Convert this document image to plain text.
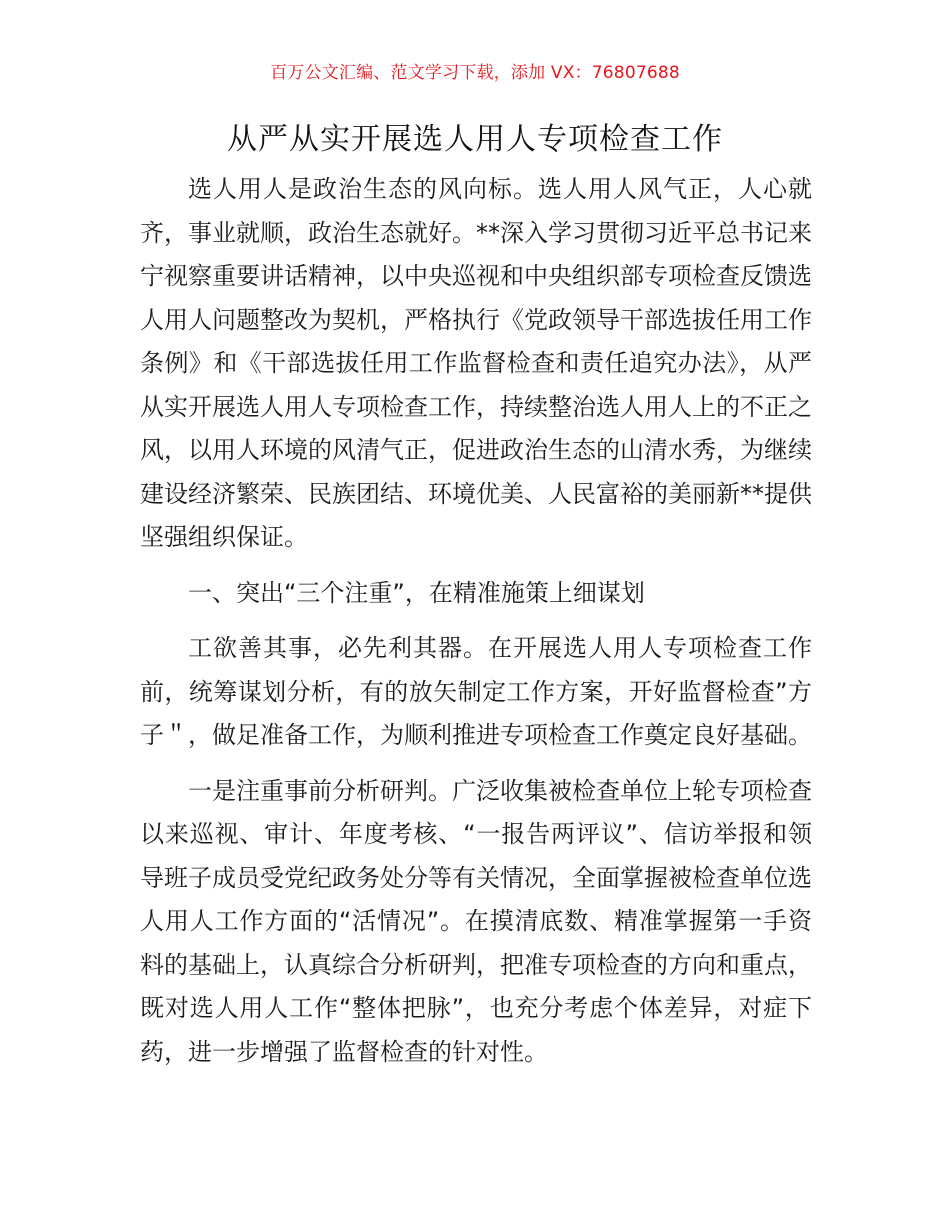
百万公文汇编、范文学习下载，添加 VX：76807688
从严从实开展选人用人专项检查工作

选人用人是政治生态的风向标。选人用人风气正，人心就齐，事业就顺，政治生态就好。**深入学习贯彻习近平总书记来宁视察重要讲话精神，以中央巡视和中央组织部专项检查反馈选人用人问题整改为契机，严格执行《党政领导干部选拔任用工作条例》和《干部选拔任用工作监督检查和责任追究办法》，从严从实开展选人用人专项检查工作，持续整治选人用人上的不正之风，以用人环境的风清气正，促进政治生态的山清水秀，为继续建设经济繁荣、民族团结、环境优美、人民富裕的美丽新**提供坚强组织保证。

一、突出“三个注重”，在精准施策上细谋划

工欲善其事，必先利其器。在开展选人用人专项检查工作前，统筹谋划分析，有的放矢制定工作方案，开好监督检查”方子＂，做足准备工作，为顺利推进专项检查工作奠定良好基础。

一是注重事前分析研判。广泛收集被检查单位上轮专项检查以来巡视、审计、年度考核、“一报告两评议”、信访举报和领导班子成员受党纪政务处分等有关情况，全面掌握被检查单位选人用人工作方面的“活情况”。在摸清底数、精准掌握第一手资料的基础上，认真综合分析研判，把准专项检查的方向和重点，既对选人用人工作“整体把脉”，也充分考虑个体差异，对症下药，进一步增强了监督检查的针对性。
